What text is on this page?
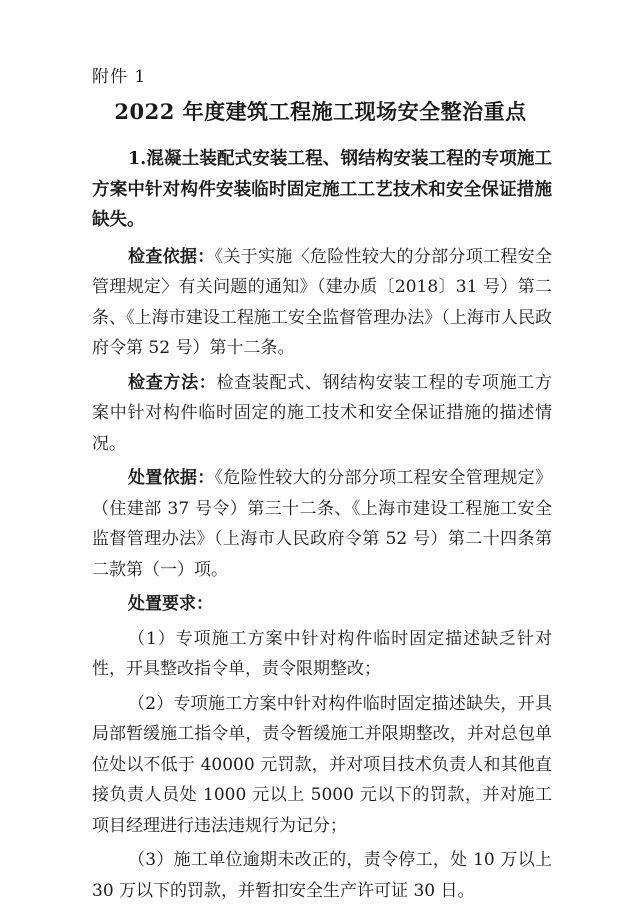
附件 1
2022 年度建筑工程施工现场安全整治重点

1.混凝土装配式安装工程、钢结构安装工程的专项施工方案中针对构件安装临时固定施工工艺技术和安全保证措施缺失。

检查依据：《关于实施〈危险性较大的分部分项工程安全管理规定〉有关问题的通知》（建办质〔2018〕31 号）第二条、《上海市建设工程施工安全监督管理办法》（上海市人民政府令第 52 号）第十二条。

检查方法：检查装配式、钢结构安装工程的专项施工方案中针对构件临时固定的施工技术和安全保证措施的描述情况。

处置依据：《危险性较大的分部分项工程安全管理规定》（住建部 37 号令）第三十二条、《上海市建设工程施工安全监督管理办法》（上海市人民政府令第 52 号）第二十四条第二款第（一）项。

处置要求：

（1）专项施工方案中针对构件临时固定描述缺乏针对性，开具整改指令单，责令限期整改；

（2）专项施工方案中针对构件临时固定描述缺失，开具局部暂缓施工指令单，责令暂缓施工并限期整改，并对总包单位处以不低于 40000 元罚款，并对项目技术负责人和其他直接负责人员处 1000 元以上 5000 元以下的罚款，并对施工项目经理进行违法违规行为记分；

（3）施工单位逾期未改正的，责令停工，处 10 万以上 30 万以下的罚款，并暂扣安全生产许可证 30 日。
